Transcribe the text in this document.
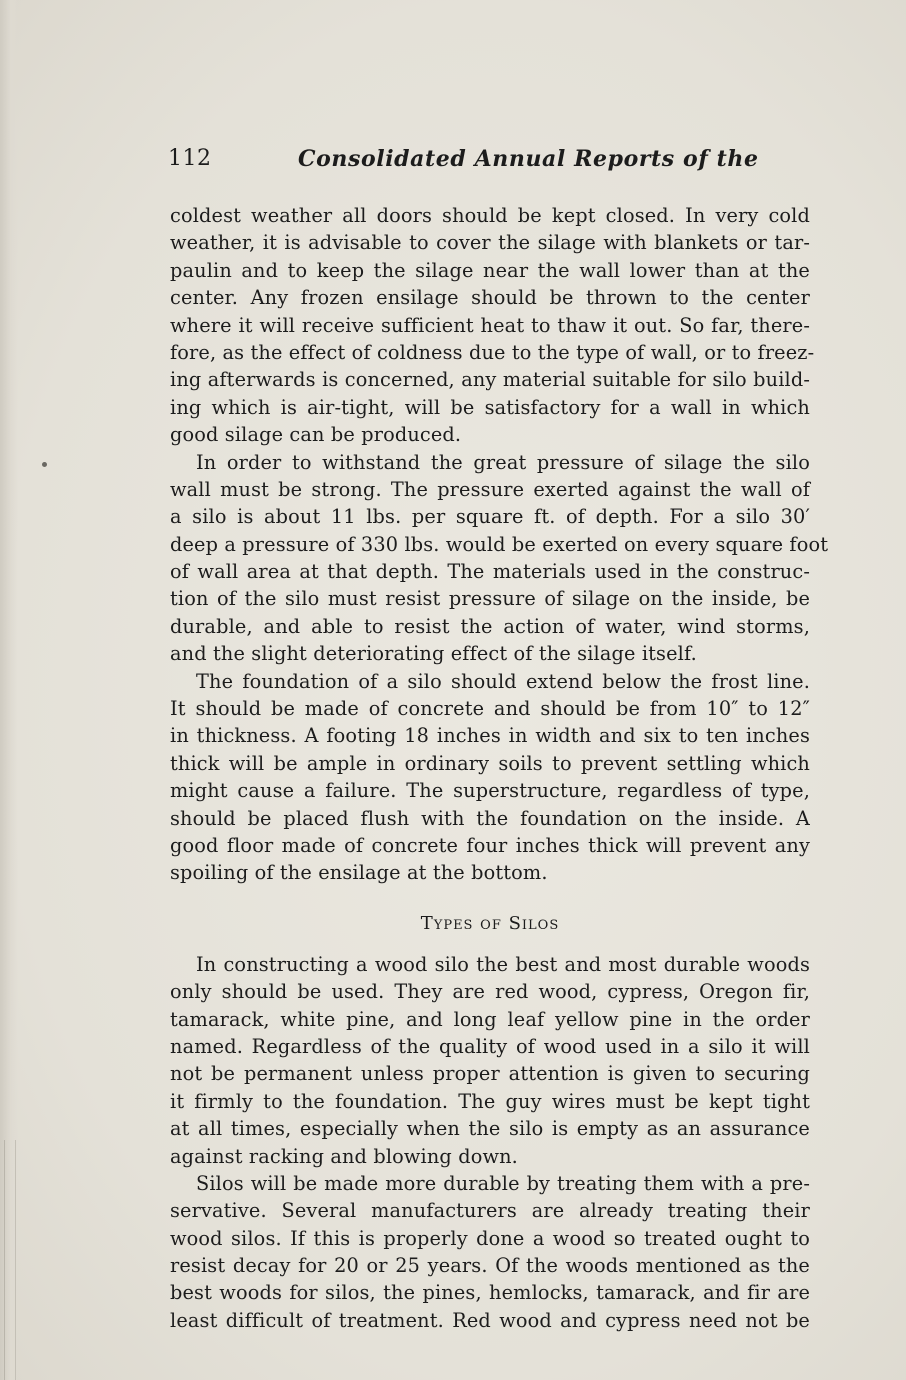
112	Consolidated Annual Reports of the
coldest weather all doors should be kept closed. In very cold
weather, it is advisable to cover the silage with blankets or tar-
paulin and to keep the silage near the wall lower than at the
center. Any frozen ensilage should be thrown to the center
where it will receive sufficient heat to thaw it out. So far, there-
fore, as the effect of coldness due to the type of wall, or to freez-
ing afterwards is concerned, any material suitable for silo build-
ing which is air-tight, will be satisfactory for a wall in which
good silage can be produced.
In order to withstand the great pressure of silage the silo
wall must be strong. The pressure exerted against the wall of
a silo is about 11 lbs. per square ft. of depth. For a silo 30′
deep a pressure of 330 lbs. would be exerted on every square foot
of wall area at that depth. The materials used in the construc-
tion of the silo must resist pressure of silage on the inside, be
durable, and able to resist the action of water, wind storms,
and the slight deteriorating effect of the silage itself.
The foundation of a silo should extend below the frost line.
It should be made of concrete and should be from 10″ to 12″
in thickness. A footing 18 inches in width and six to ten inches
thick will be ample in ordinary soils to prevent settling which
might cause a failure. The superstructure, regardless of type,
should be placed flush with the foundation on the inside. A
good floor made of concrete four inches thick will prevent any
spoiling of the ensilage at the bottom.
Types of Silos
In constructing a wood silo the best and most durable woods
only should be used. They are red wood, cypress, Oregon fir,
tamarack, white pine, and long leaf yellow pine in the order
named. Regardless of the quality of wood used in a silo it will
not be permanent unless proper attention is given to securing
it firmly to the foundation. The guy wires must be kept tight
at all times, especially when the silo is empty as an assurance
against racking and blowing down.
Silos will be made more durable by treating them with a pre-
servative. Several manufacturers are already treating their
wood silos. If this is properly done a wood so treated ought to
resist decay for 20 or 25 years. Of the woods mentioned as the
best woods for silos, the pines, hemlocks, tamarack, and fir are
least difficult of treatment. Red wood and cypress need not be
